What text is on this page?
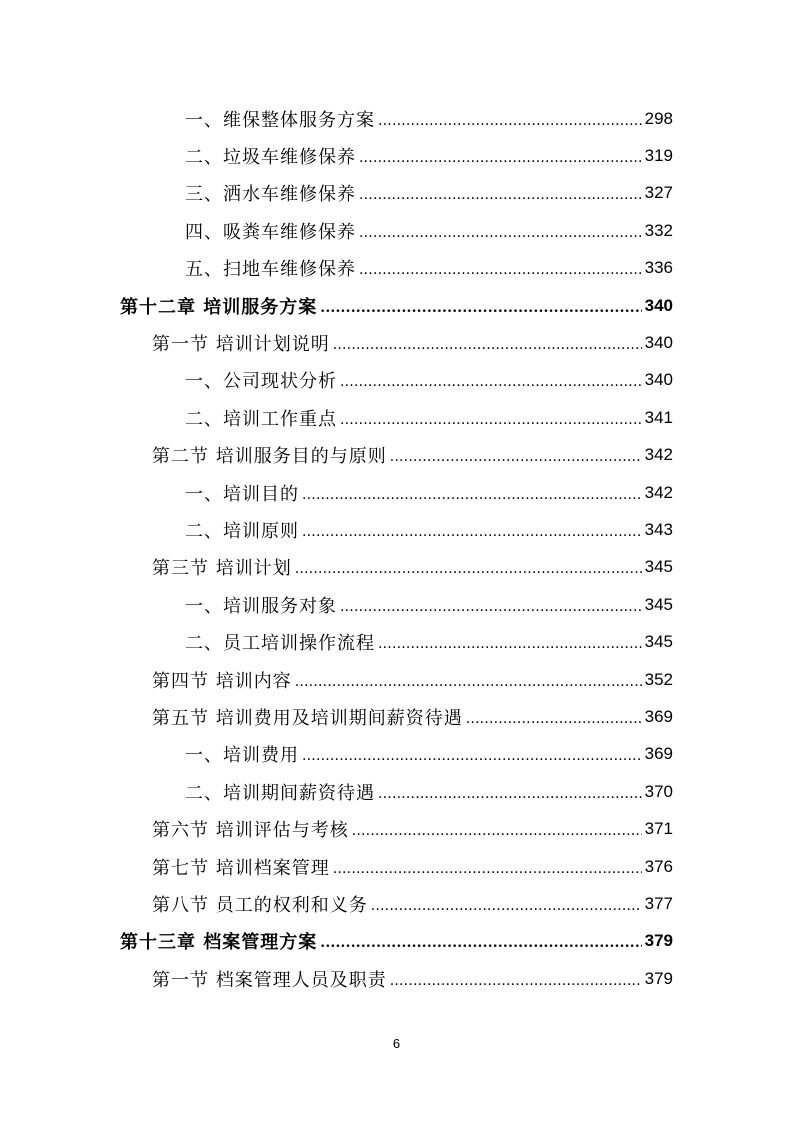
一、维保整体服务方案 .....	298
二、垃圾车维修保养 .....	319
三、洒水车维修保养 .....	327
四、吸粪车维修保养 .....	332
五、扫地车维修保养 .....	336
第十二章 培训服务方案 .....	340
第一节 培训计划说明 .....	340
一、公司现状分析 .....	340
二、培训工作重点 .....	341
第二节 培训服务目的与原则 .....	342
一、培训目的 .....	342
二、培训原则 .....	343
第三节 培训计划 .....	345
一、培训服务对象 .....	345
二、员工培训操作流程 .....	345
第四节 培训内容 .....	352
第五节 培训费用及培训期间薪资待遇 .....	369
一、培训费用 .....	369
二、培训期间薪资待遇 .....	370
第六节 培训评估与考核 .....	371
第七节 培训档案管理 .....	376
第八节 员工的权利和义务 .....	377
第十三章 档案管理方案 .....	379
第一节 档案管理人员及职责 .....	379
6
